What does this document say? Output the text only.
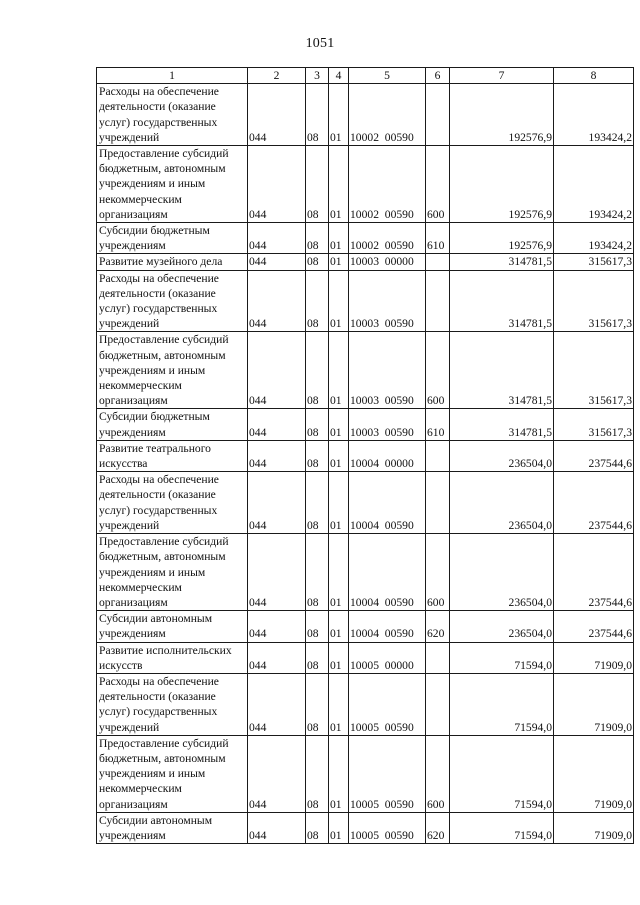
1051
1	2	3	4	5	6	7	8
Расходы на обеспечение деятельности (оказание услуг) государственных учреждений	044	08	01	10002  00590		192576,9	193424,2
Предоставление субсидий бюджетным, автономным учреждениям и иным некоммерческим организациям	044	08	01	10002  00590	600	192576,9	193424,2
Субсидии бюджетным учреждениям	044	08	01	10002  00590	610	192576,9	193424,2
Развитие музейного дела	044	08	01	10003  00000		314781,5	315617,3
Расходы на обеспечение деятельности (оказание услуг) государственных учреждений	044	08	01	10003  00590		314781,5	315617,3
Предоставление субсидий бюджетным, автономным учреждениям и иным некоммерческим организациям	044	08	01	10003  00590	600	314781,5	315617,3
Субсидии бюджетным учреждениям	044	08	01	10003  00590	610	314781,5	315617,3
Развитие театрального искусства	044	08	01	10004  00000		236504,0	237544,6
Расходы на обеспечение деятельности (оказание услуг) государственных учреждений	044	08	01	10004  00590		236504,0	237544,6
Предоставление субсидий бюджетным, автономным учреждениям и иным некоммерческим организациям	044	08	01	10004  00590	600	236504,0	237544,6
Субсидии автономным учреждениям	044	08	01	10004  00590	620	236504,0	237544,6
Развитие исполнительских искусств	044	08	01	10005  00000		71594,0	71909,0
Расходы на обеспечение деятельности (оказание услуг) государственных учреждений	044	08	01	10005  00590		71594,0	71909,0
Предоставление субсидий бюджетным, автономным учреждениям и иным некоммерческим организациям	044	08	01	10005  00590	600	71594,0	71909,0
Субсидии автономным учреждениям	044	08	01	10005  00590	620	71594,0	71909,0
